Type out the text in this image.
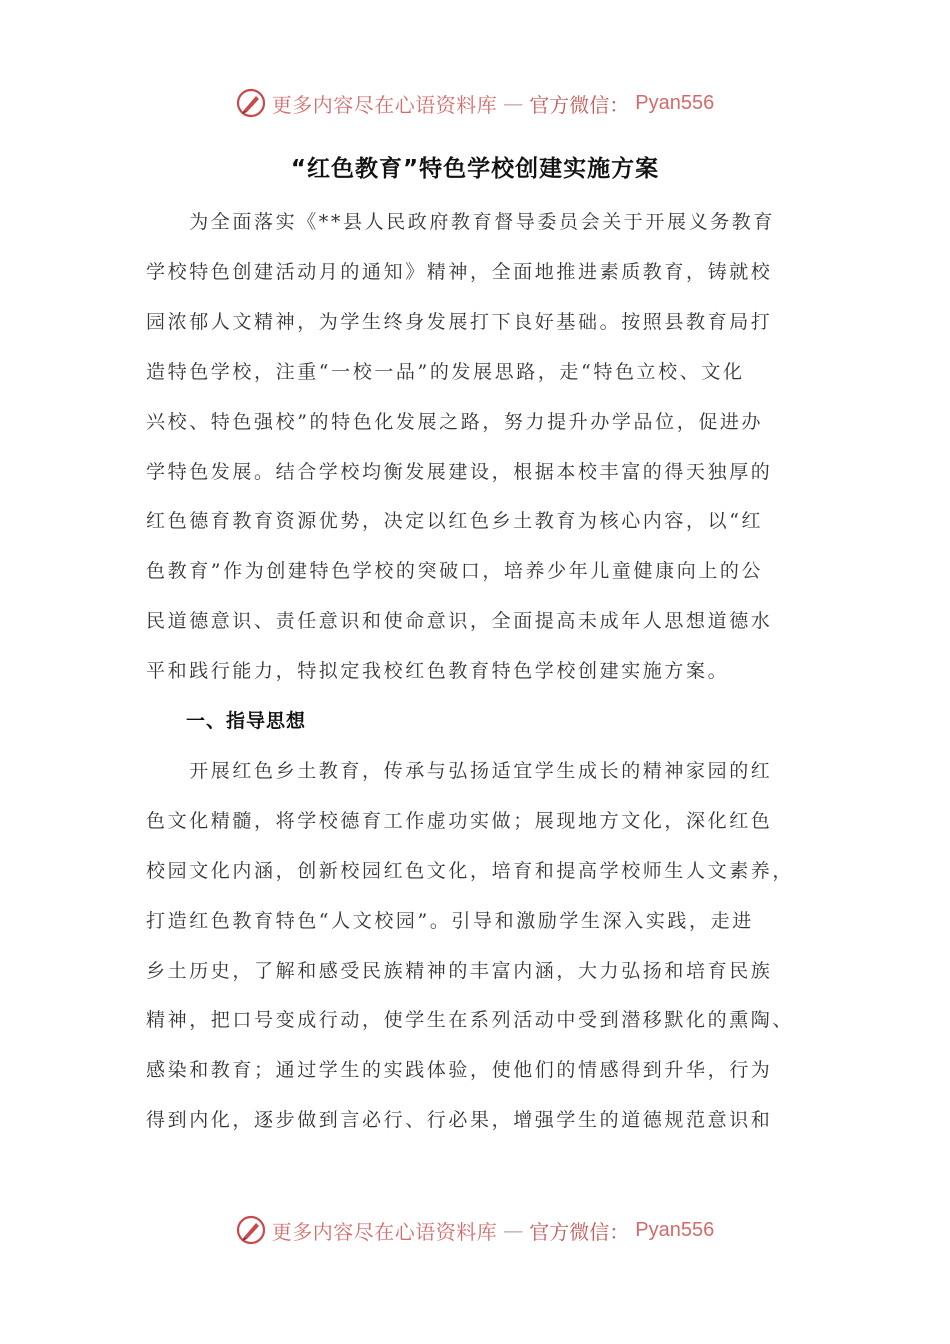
更多内容尽在心语资料库 — 官方微信： Pyan556
“红色教育”特色学校创建实施方案
　　为全面落实《**县人民政府教育督导委员会关于开展义务教育
学校特色创建活动月的通知》精神，全面地推进素质教育，铸就校
园浓郁人文精神，为学生终身发展打下良好基础。按照县教育局打
造特色学校，注重“一校一品”的发展思路，走“特色立校、文化
兴校、特色强校”的特色化发展之路，努力提升办学品位，促进办
学特色发展。结合学校均衡发展建设，根据本校丰富的得天独厚的
红色德育教育资源优势，决定以红色乡土教育为核心内容，以“红
色教育”作为创建特色学校的突破口，培养少年儿童健康向上的公
民道德意识、责任意识和使命意识，全面提高未成年人思想道德水
平和践行能力，特拟定我校红色教育特色学校创建实施方案。
　　一、指导思想
　　开展红色乡土教育，传承与弘扬适宜学生成长的精神家园的红
色文化精髓，将学校德育工作虚功实做；展现地方文化，深化红色
校园文化内涵，创新校园红色文化，培育和提高学校师生人文素养，
打造红色教育特色“人文校园”。引导和激励学生深入实践，走进
乡土历史，了解和感受民族精神的丰富内涵，大力弘扬和培育民族
精神，把口号变成行动，使学生在系列活动中受到潜移默化的熏陶、
感染和教育；通过学生的实践体验，使他们的情感得到升华，行为
得到内化，逐步做到言必行、行必果，增强学生的道德规范意识和
更多内容尽在心语资料库 — 官方微信： Pyan556
